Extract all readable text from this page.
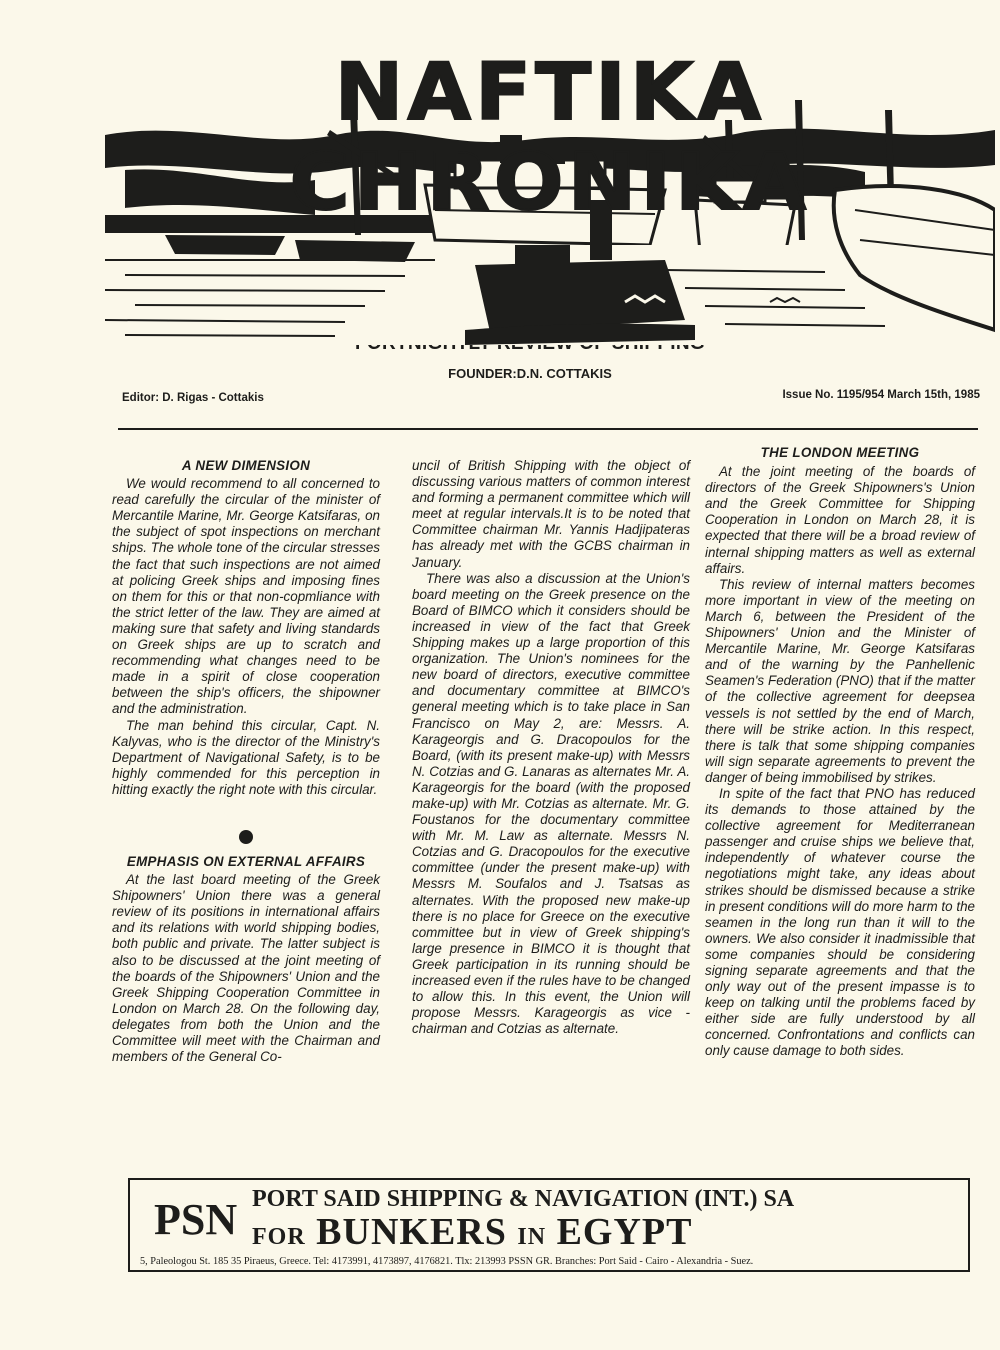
NAFTIKA CHRONIKA
FOUNDER:D.N. COTTAKIS
Editor: D. Rigas - Cottakis	Issue No. 1195/954 March 15th, 1985
A NEW DIMENSION

We would recommend to all concerned to read carefully the circular of the minister of Mercantile Marine, Mr. George Katsifaras, on the subject of spot inspections on merchant ships. The whole tone of the circular stresses the fact that such inspections are not aimed at policing Greek ships and imposing fines on them for this or that non-copmliance with the strict letter of the law. They are aimed at making sure that safety and living standards on Greek ships are up to scratch and recommending what changes need to be made in a spirit of close cooperation between the ship's officers, the shipowner and the administration.

The man behind this circular, Capt. N. Kalyvas, who is the director of the Ministry's Department of Navigational Safety, is to be highly commended for this perception in hitting exactly the right note with this circular.

EMPHASIS ON EXTERNAL AFFAIRS

At the last board meeting of the Greek Shipowners' Union there was a general review of its positions in international affairs and its relations with world shipping bodies, both public and private. The latter subject is also to be discussed at the joint meeting of the boards of the Shipowners' Union and the Greek Shipping Cooperation Committee in London on March 28. On the following day, delegates from both the Union and the Committee will meet with the Chairman and members of the General Co-

uncil of British Shipping with the object of discussing various matters of common interest and forming a permanent committee which will meet at regular intervals.It is to be noted that Committee chairman Mr. Yannis Hadjipateras has already met with the GCBS chairman in January.

There was also a discussion at the Union's board meeting on the Greek presence on the Board of BIMCO which it considers should be increased in view of the fact that Greek Shipping makes up a large proportion of this organization. The Union's nominees for the new board of directors, executive committee and documentary committee at BIMCO's general meeting which is to take place in San Francisco on May 2, are: Messrs. A. Karageorgis and G. Dracopoulos for the Board, (with its present make-up) with Messrs N. Cotzias and G. Lanaras as alternates Mr. A. Karageorgis for the board (with the proposed make-up) with Mr. Cotzias as alternate. Mr. G. Foustanos for the documentary committee with Mr. M. Law as alternate. Messrs N. Cotzias and G. Dracopoulos for the executive committee (under the present make-up) with Messrs M. Soufalos and J. Tsatsas as alternates. With the proposed new make-up there is no place for Greece on the executive committee but in view of Greek shipping's large presence in BIMCO it is thought that Greek participation in its running should be increased even if the rules have to be changed to allow this. In this event, the Union will propose Messrs. Karageorgis as vice - chairman and Cotzias as alternate.

THE LONDON MEETING

At the joint meeting of the boards of directors of the Greek Shipowners's Union and the Greek Committee for Shipping Cooperation in London on March 28, it is expected that there will be a broad review of internal shipping matters as well as external affairs.

This review of internal matters becomes more important in view of the meeting on March 6, between the President of the Shipowners' Union and the Minister of Mercantile Marine, Mr. George Katsifaras and of the warning by the Panhellenic Seamen's Federation (PNO) that if the matter of the collective agreement for deepsea vessels is not settled by the end of March, there will be strike action. In this respect, there is talk that some shipping companies will sign separate agreements to prevent the danger of being immobilised by strikes.

In spite of the fact that PNO has reduced its demands to those attained by the collective agreement for Mediterranean passenger and cruise ships we believe that, independently of whatever course the negotiations might take, any ideas about strikes should be dismissed because a strike in present conditions will do more harm to the seamen in the long run than it will to the owners. We also consider it inadmissible that some companies should be considering signing separate agreements and that the only way out of the present impasse is to keep on talking until the problems faced by either side are fully understood by all concerned. Confrontations and conflicts can only cause damage to both sides.

PSN PORT SAID SHIPPING & NAVIGATION (INT.) SA
FOR BUNKERS IN EGYPT
5, Paleologou St. 185 35 Piraeus, Greece. Tel: 4173991, 4173897, 4176821. Tlx: 213993 PSSN GR. Branches: Port Said - Cairo - Alexandria - Suez.
